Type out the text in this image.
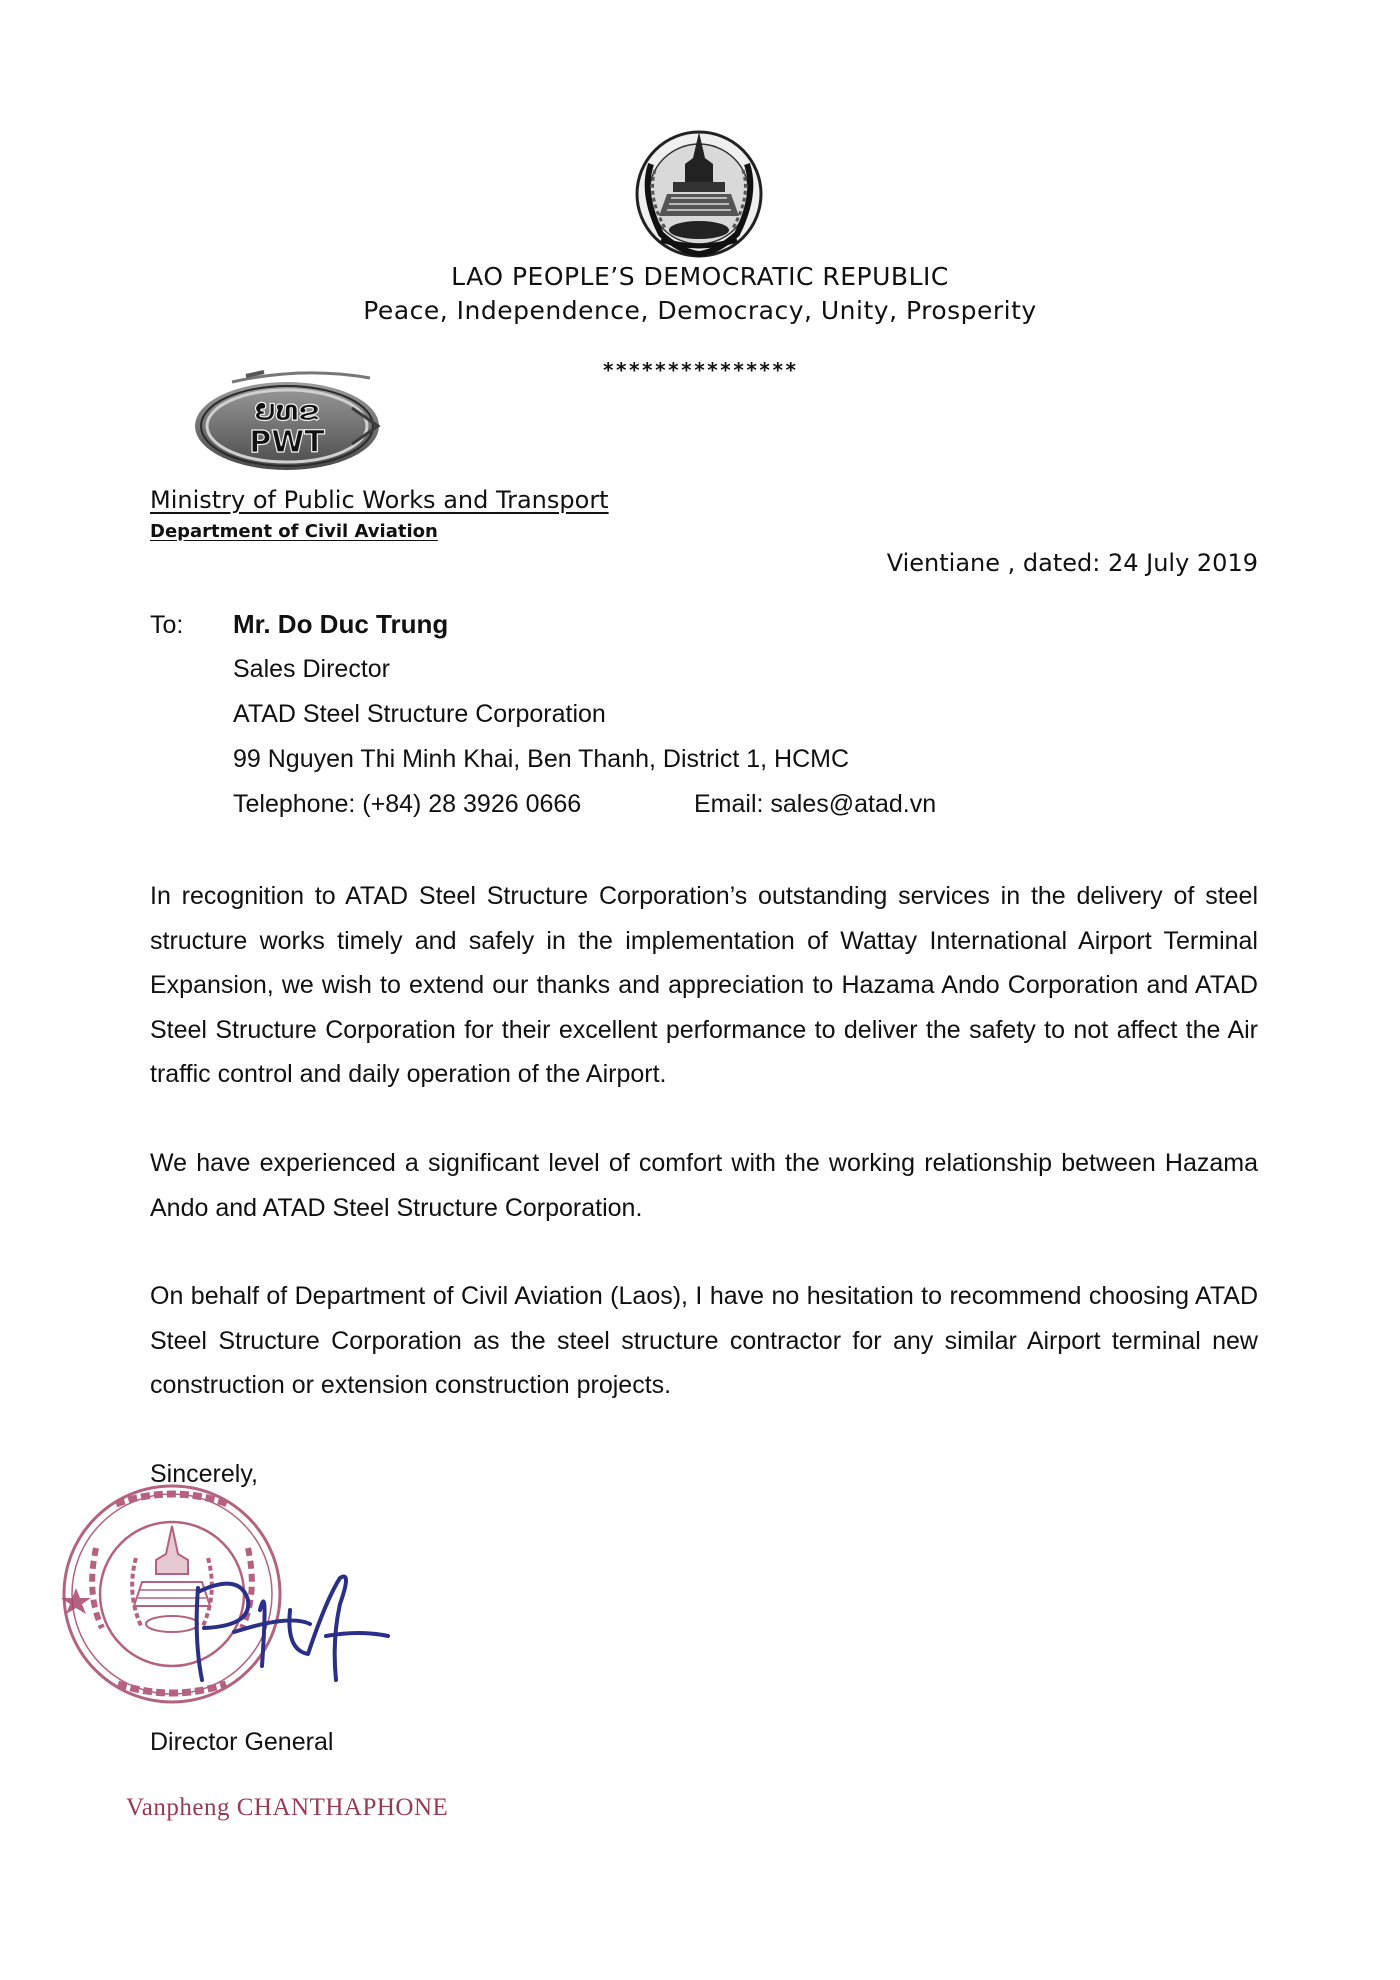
LAO PEOPLE’S DEMOCRATIC REPUBLIC
Peace, Independence, Democracy, Unity, Prosperity
***************
ຍທຂ
PWT
Ministry of Public Works and Transport
Department of Civil Aviation
Vientiane , dated: 24 July 2019
To: Mr. Do Duc Trung
Sales Director
ATAD Steel Structure Corporation
99 Nguyen Thi Minh Khai, Ben Thanh, District 1, HCMC
Telephone: (+84) 28 3926 0666	Email: sales@atad.vn
In recognition to ATAD Steel Structure Corporation’s outstanding services in the delivery of steel structure works timely and safely in the implementation of Wattay International Airport Terminal Expansion, we wish to extend our thanks and appreciation to Hazama Ando Corporation and ATAD Steel Structure Corporation for their excellent performance to deliver the safety to not affect the Air traffic control and daily operation of the Airport.
We have experienced a significant level of comfort with the working relationship between Hazama Ando and ATAD Steel Structure Corporation.
On behalf of Department of Civil Aviation (Laos), I have no hesitation to recommend choosing ATAD Steel Structure Corporation as the steel structure contractor for any similar Airport terminal new construction or extension construction projects.
Sincerely,
Director General
Vanpheng CHANTHAPHONE
